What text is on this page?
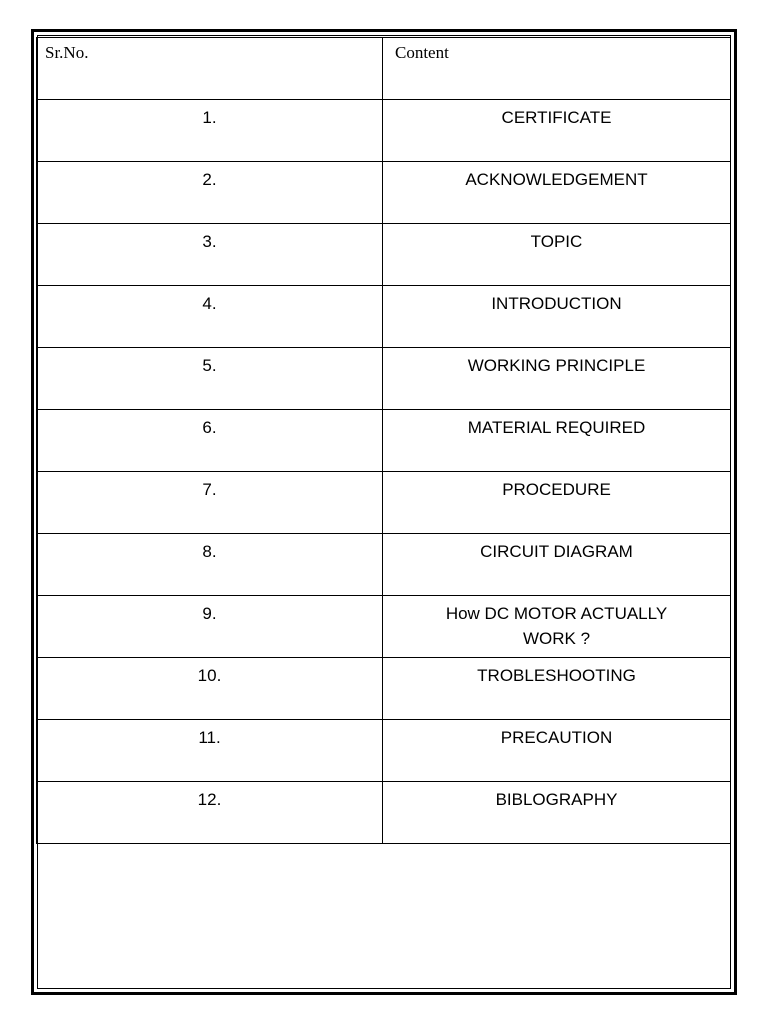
Sr.No.	Content
1.	CERTIFICATE
2.	ACKNOWLEDGEMENT
3.	TOPIC
4.	INTRODUCTION
5.	WORKING PRINCIPLE
6.	MATERIAL REQUIRED
7.	PROCEDURE
8.	CIRCUIT DIAGRAM
9.	How DC MOTOR ACTUALLY WORK ?
10.	TROBLESHOOTING
11.	PRECAUTION
12.	BIBLOGRAPHY
